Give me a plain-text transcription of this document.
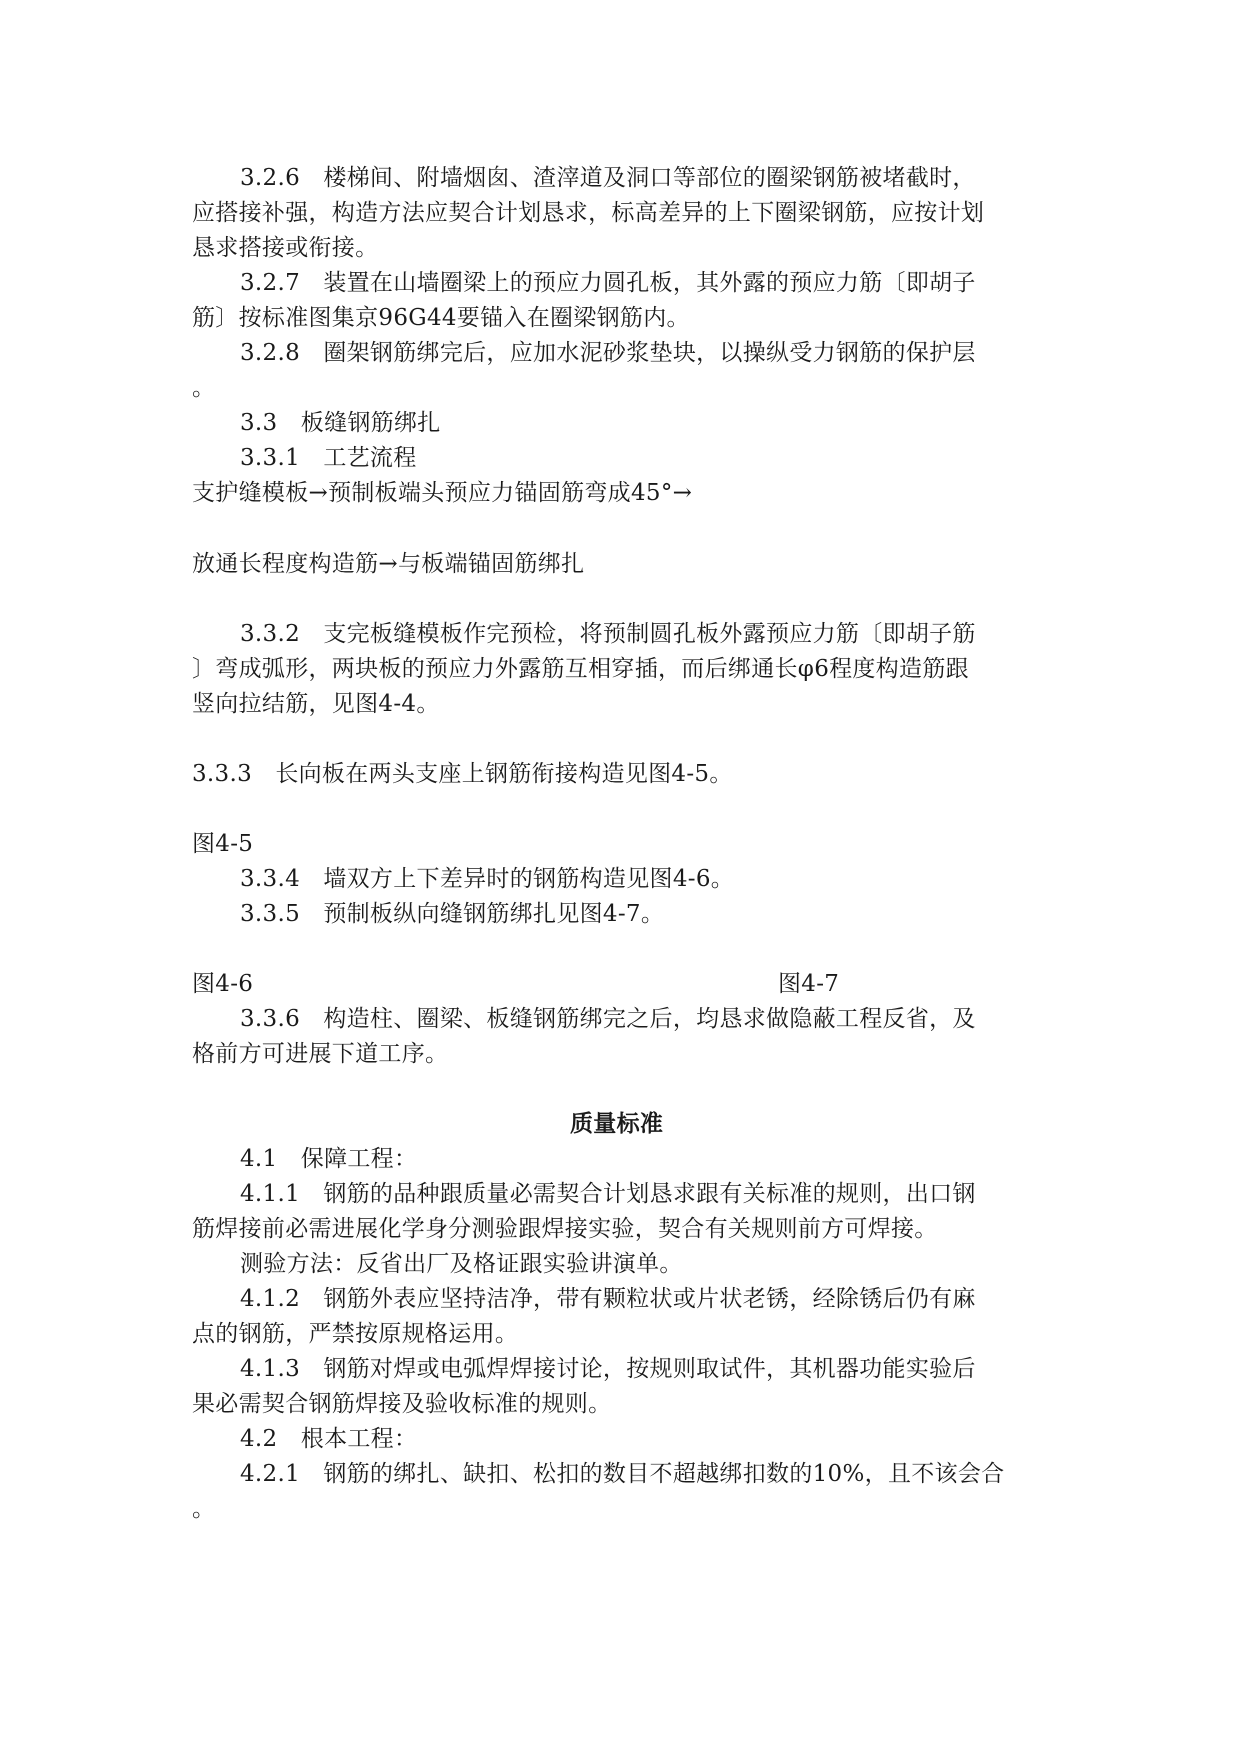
3.2.6　楼梯间、附墙烟囱、渣滓道及洞口等部位的圈梁钢筋被堵截时，

应搭接补强，构造方法应契合计划恳求，标高差异的上下圈梁钢筋，应按计划

恳求搭接或衔接。

3.2.7　装置在山墙圈梁上的预应力圆孔板，其外露的预应力筋〔即胡子

筋〕按标准图集京96G44要锚入在圈梁钢筋内。

3.2.8　圈架钢筋绑完后，应加水泥砂浆垫块，以操纵受力钢筋的保护层

。

3.3　板缝钢筋绑扎

3.3.1　工艺流程

支护缝模板→预制板端头预应力锚固筋弯成45°→

放通长程度构造筋→与板端锚固筋绑扎

3.3.2　支完板缝模板作完预检，将预制圆孔板外露预应力筋〔即胡子筋

〕弯成弧形，两块板的预应力外露筋互相穿插，而后绑通长φ6程度构造筋跟

竖向拉结筋，见图4-4。

3.3.3　长向板在两头支座上钢筋衔接构造见图4-5。

图4-5

3.3.4　墙双方上下差异时的钢筋构造见图4-6。

3.3.5　预制板纵向缝钢筋绑扎见图4-7。

图4-6	图4-7

3.3.6　构造柱、圈梁、板缝钢筋绑完之后，均恳求做隐蔽工程反省，及

格前方可进展下道工序。

质量标准

4.1　保障工程：

4.1.1　钢筋的品种跟质量必需契合计划恳求跟有关标准的规则，出口钢

筋焊接前必需进展化学身分测验跟焊接实验，契合有关规则前方可焊接。

测验方法：反省出厂及格证跟实验讲演单。

4.1.2　钢筋外表应坚持洁净，带有颗粒状或片状老锈，经除锈后仍有麻

点的钢筋，严禁按原规格运用。

4.1.3　钢筋对焊或电弧焊焊接讨论，按规则取试件，其机器功能实验后

果必需契合钢筋焊接及验收标准的规则。

4.2　根本工程：

4.2.1　钢筋的绑扎、缺扣、松扣的数目不超越绑扣数的10%，且不该会合

。
